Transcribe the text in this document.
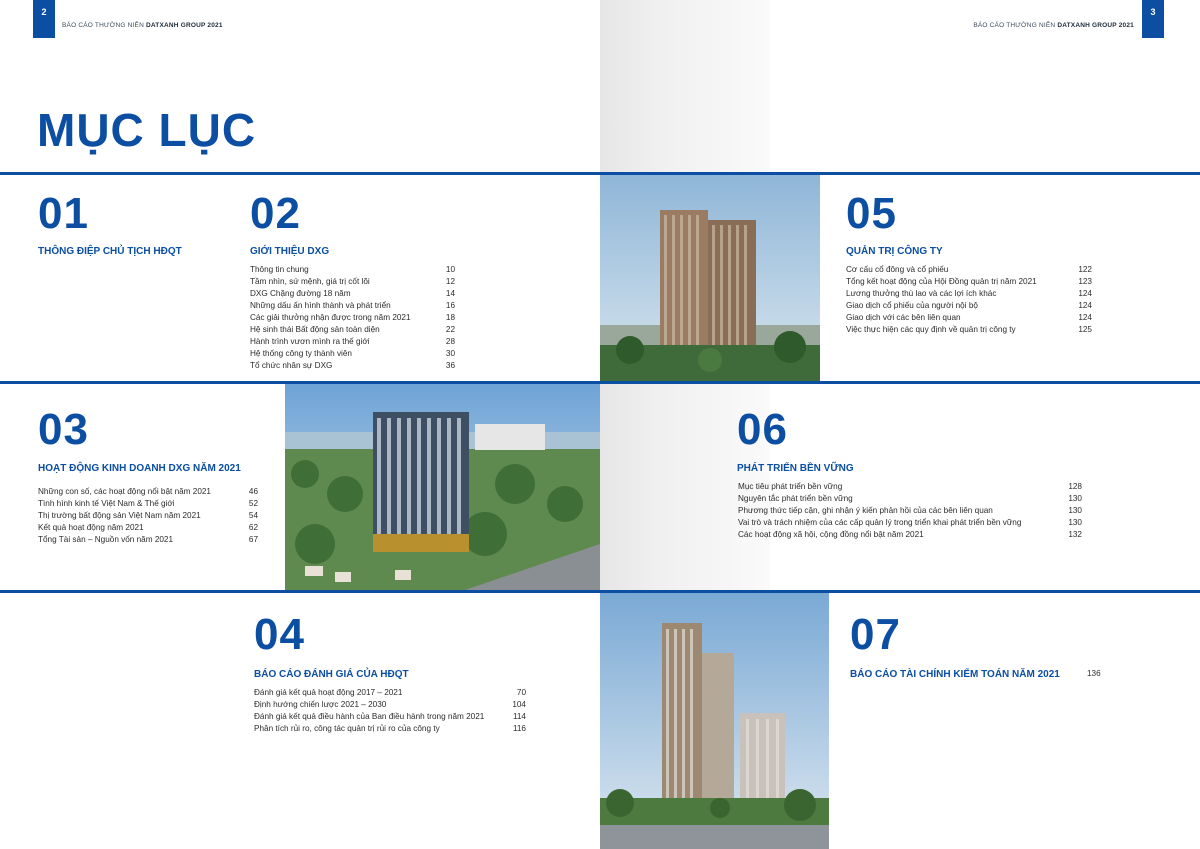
2
BÁO CÁO THƯỜNG NIÊN DATXANH GROUP 2021	BÁO CÁO THƯỜNG NIÊN DATXANH GROUP 2021
3
MỤC LỤC
01
THÔNG ĐIỆP CHỦ TỊCH HĐQT
02
GIỚI THIỆU DXG
Thông tin chung	10
Tầm nhìn, sứ mệnh, giá trị cốt lõi	12
DXG Chặng đường 18 năm	14
Những dấu ấn hình thành và phát triển	16
Các giải thưởng nhận được trong năm 2021	18
Hệ sinh thái Bất động sản toàn diện	22
Hành trình vươn mình ra thế giới	28
Hệ thống công ty thành viên	30
Tổ chức nhân sự DXG	36
05
QUẢN TRỊ CÔNG TY
Cơ cấu cổ đông và cổ phiếu	122
Tổng kết hoạt động của Hội Đồng quản trị năm 2021	123
Lương thưởng thù lao và các lợi ích khác	124
Giao dịch cổ phiếu của người nội bộ	124
Giao dịch với các bên liên quan	124
Việc thực hiện các quy định về quản trị công ty	125
03
HOẠT ĐỘNG KINH DOANH DXG NĂM 2021
Những con số, các hoạt động nổi bật năm 2021	46
Tình hình kinh tế Việt Nam & Thế giới	52
Thị trường bất động sản Việt Nam năm 2021	54
Kết quả hoạt động năm 2021	62
Tổng Tài sản – Nguồn vốn năm 2021	67
06
PHÁT TRIỂN BỀN VỮNG
Mục tiêu phát triển bền vững	128
Nguyên tắc phát triển bền vững	130
Phương thức tiếp cận, ghi nhận ý kiến phản hồi của các bên liên quan	130
Vai trò và trách nhiệm của các cấp quản lý trong triển khai phát triển bền vững	130
Các hoạt động xã hội, cộng đồng nổi bật năm 2021	132
04
BÁO CÁO ĐÁNH GIÁ CỦA HĐQT
Đánh giá kết quả hoạt động 2017 – 2021	70
Định hướng chiến lược 2021 – 2030	104
Đánh giá kết quả điều hành của Ban điều hành trong năm 2021	114
Phân tích rủi ro, công tác quản trị rủi ro của công ty	116
07
BÁO CÁO TÀI CHÍNH KIỂM TOÁN NĂM 2021	136
